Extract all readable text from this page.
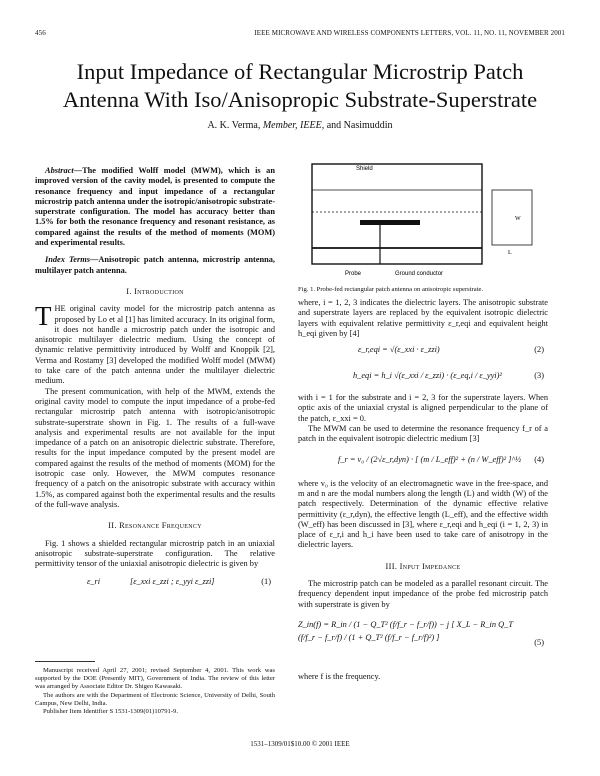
456	IEEE MICROWAVE AND WIRELESS COMPONENTS LETTERS, VOL. 11, NO. 11, NOVEMBER 2001
Input Impedance of Rectangular Microstrip Patch
Antenna With Iso/Anisopropic Substrate-Superstrate
A. K. Verma, Member, IEEE, and Nasimuddin

Abstract—The modified Wolff model (MWM), which is an improved version of the cavity model, is presented to compute the resonance frequency and input impedance of a rectangular microstrip patch antenna under the isotropic/anisotropic substrate-superstrate configuration. The model has accuracy better than 1.5% for both the resonance frequency and resonant resistance, as compared against the results of the method of moments (MOM) and experimental results.

Index Terms—Anisotropic patch antenna, microstrip antenna, multilayer patch antenna.

I. Introduction

THE original cavity model for the microstrip patch antenna as proposed by Lo et al [1] has limited accuracy. In its original form, it does not handle a microstrip patch under the isotropic and anisotropic multilayer dielectric medium. Using the concept of dynamic relative permittivity introduced by Wolff and Knoppik [2], Verma and Rostamy [3] developed the modified Wolff model (MWM) to take care of the patch antenna under the multilayer dielectric medium.

The present communication, with help of the MWM, extends the original cavity model to compute the input impedance of a probe-fed rectangular microstrip patch antenna with isotropic/anisotropic substrate-superstrate shown in Fig. 1. The results of a full-wave analysis and experimental results are not available for the input impedance of a patch on an anisotropic dielectric substrate. Therefore, results for the input impedance computed by the present model are compared against the results of the method of moments (MOM) for the isotropic case only. However, the MWM computes resonance frequency of a patch on the anisotropic substrate with accuracy within 1.5%, as compared against both the experimental results and the results of the full-wave analysis.

II. Resonance Frequency

Fig. 1 shows a shielded rectangular microstrip patch in an uniaxial anisotropic substrate-superstrate configuration. The relative permittivity tensor of the uniaxial anisotropic dielectric is given by

ε_ri	[ε_xxi ε_zzi ; ε_yyi ε_zzi]	(1)

Manuscript received April 27, 2001; revised September 4, 2001. This work was supported by the DOE (Presently MIT), Government of India. The review of this letter was arranged by Associate Editor Dr. Shigeo Kawasaki.

The authors are with the Department of Electronic Science, University of Delhi, South Campus, New Delhi, India.

Publisher Item Identifier S 1531-1309(01)10791-9.

Shield
Probe	Ground conductor
W
L
Fig. 1. Probe-fed rectangular patch antenna on anisotropic superstrate.

where, i = 1, 2, 3 indicates the dielectric layers. The anisotropic substrate and superstrate layers are replaced by the equivalent isotropic dielectric layers with equivalent relative permittivity ε_r,eqi and equivalent height h_eqi given by [4]

ε_r,eqi = √(ε_xxi · ε_zzi)	(2)
h_eqi = h_i √(ε_xxi / ε_zzi) · (ε_eq,i / ε_yyi)²	(3)

with i = 1 for the substrate and i = 2, 3 for the superstrate layers. When optic axis of the uniaxial crystal is aligned perpendicular to the plane of the patch, ε_xxi = 0.

The MWM can be used to determine the resonance frequency f_r of a patch in the equivalent isotropic dielectric medium [3]

f_r = v₀ / (2√ε_r,dyn) · [ (m / L_eff)² + (n / W_eff)² ]^½ (4)

where v₀ is the velocity of an electromagnetic wave in the free-space, and m and n are the modal numbers along the length (L) and width (W) of the patch respectively. Determination of the dynamic effective relative permittivity (ε_r,dyn), the effective length (L_eff), and the effective width (W_eff) has been discussed in [3], where ε_r,eqi and h_eqi (i = 1, 2, 3) in place of ε_r,i and h_i have been used to take care of anisotropy in the dielectric layers.

III. Input Impedance

The microstrip patch can be modeled as a parallel resonant circuit. The frequency dependent input impedance of the probe fed microstrip patch with superstrate is given by

Z_in(f) = R_in / (1 − Q_T² (f/f_r − f_r/f)) − j [ X_L − R_in Q_T (f/f_r − f_r/f) / (1 + Q_T² (f/f_r − f_r/f)²) ]
(5)

where f is the frequency.

1531–1309/01$10.00 © 2001 IEEE
